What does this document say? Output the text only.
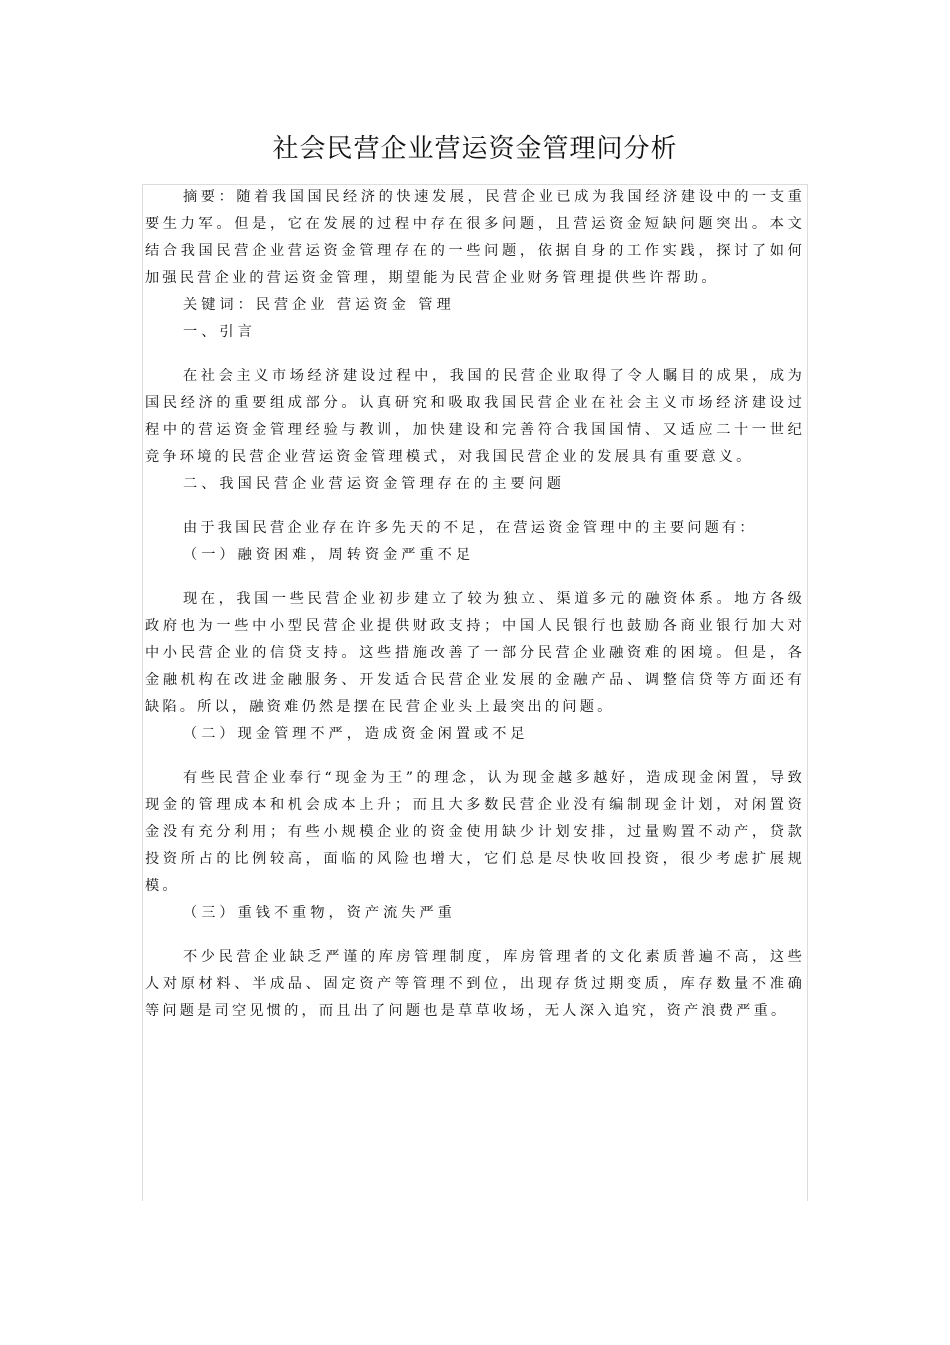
社会民营企业营运资金管理问分析

摘要：随着我国国民经济的快速发展，民营企业已成为我国经济建设中的一支重要生力军。但是，它在发展的过程中存在很多问题，且营运资金短缺问题突出。本文结合我国民营企业营运资金管理存在的一些问题，依据自身的工作实践，探讨了如何加强民营企业的营运资金管理，期望能为民营企业财务管理提供些许帮助。

关键词：民营企业 营运资金 管理

一、引言

在社会主义市场经济建设过程中，我国的民营企业取得了令人瞩目的成果，成为国民经济的重要组成部分。认真研究和吸取我国民营企业在社会主义市场经济建设过程中的营运资金管理经验与教训，加快建设和完善符合我国国情、又适应二十一世纪竞争环境的民营企业营运资金管理模式，对我国民营企业的发展具有重要意义。

二、我国民营企业营运资金管理存在的主要问题

由于我国民营企业存在许多先天的不足，在营运资金管理中的主要问题有：

（一）融资困难，周转资金严重不足

现在，我国一些民营企业初步建立了较为独立、渠道多元的融资体系。地方各级政府也为一些中小型民营企业提供财政支持；中国人民银行也鼓励各商业银行加大对中小民营企业的信贷支持。这些措施改善了一部分民营企业融资难的困境。但是，各金融机构在改进金融服务、开发适合民营企业发展的金融产品、调整信贷等方面还有缺陷。所以，融资难仍然是摆在民营企业头上最突出的问题。

（二）现金管理不严，造成资金闲置或不足

有些民营企业奉行“现金为王”的理念，认为现金越多越好，造成现金闲置，导致现金的管理成本和机会成本上升；而且大多数民营企业没有编制现金计划，对闲置资金没有充分利用；有些小规模企业的资金使用缺少计划安排，过量购置不动产，贷款投资所占的比例较高，面临的风险也增大，它们总是尽快收回投资，很少考虑扩展规模。

（三）重钱不重物，资产流失严重

不少民营企业缺乏严谨的库房管理制度，库房管理者的文化素质普遍不高，这些人对原材料、半成品、固定资产等管理不到位，出现存货过期变质，库存数量不准确等问题是司空见惯的，而且出了问题也是草草收场，无人深入追究，资产浪费严重。
